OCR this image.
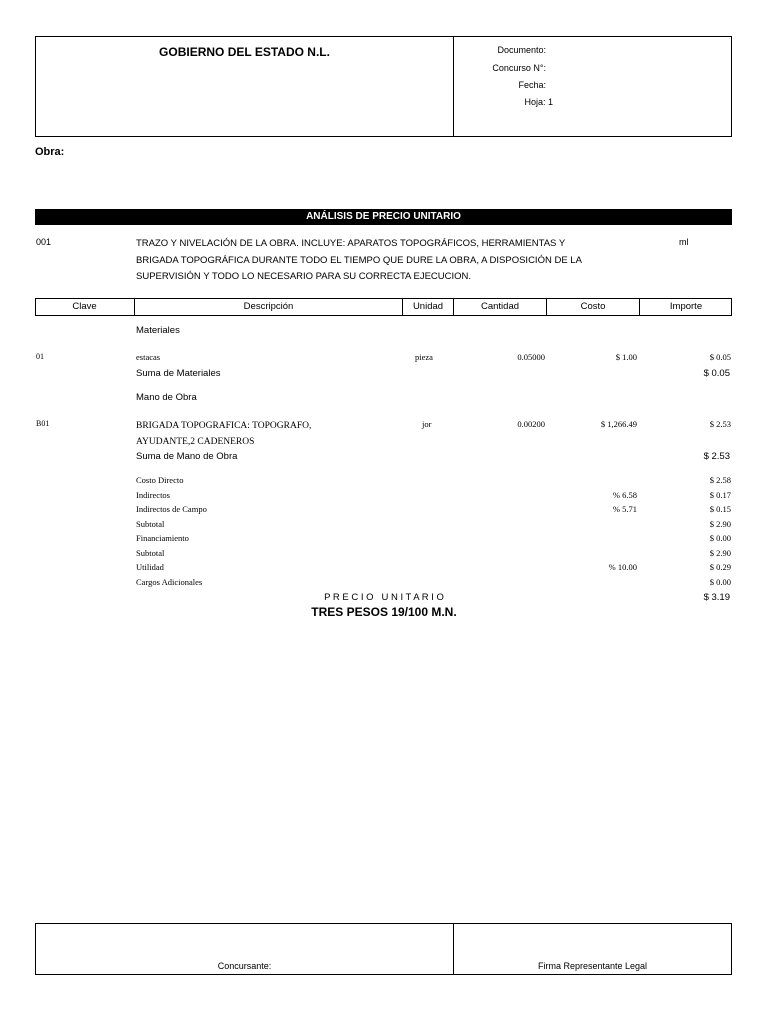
GOBIERNO DEL ESTADO N.L.	Documento:
Concurso N°:
Fecha:
Hoja: 1
Obra:
ANÁLISIS DE PRECIO UNITARIO
001	TRAZO Y NIVELACIÓN DE LA OBRA. INCLUYE: APARATOS TOPOGRÁFICOS, HERRAMIENTAS Y
BRIGADA TOPOGRÁFICA DURANTE TODO EL TIEMPO QUE DURE LA OBRA, A DISPOSICIÓN DE LA
SUPERVISIÓN Y TODO LO NECESARIO PARA SU CORRECTA EJECUCION.
ml
Clave	Descripción	Unidad	Cantidad	Costo	Importe
Materiales
01	estacas	pieza	0.05000	$ 1.00	$ 0.05
Suma de Materiales	$ 0.05
Mano de Obra
B01	BRIGADA TOPOGRAFICA: TOPOGRAFO,
AYUDANTE,2 CADENEROS
jor	0.00200	$ 1,266.49	$ 2.53
Suma de Mano de Obra	$ 2.53
Costo Directo	$ 2.58
Indirectos	% 6.58	$ 0.17
Indirectos de Campo	% 5.71	$ 0.15
Subtotal	$ 2.90
Financiamiento	$ 0.00
Subtotal	$ 2.90
Utilidad	% 10.00	$ 0.29
Cargos Adicionales	$ 0.00
P R E C I O   U N I T A R I O	$ 3.19
TRES PESOS 19/100 M.N.
Concursante:	Firma Representante Legal
